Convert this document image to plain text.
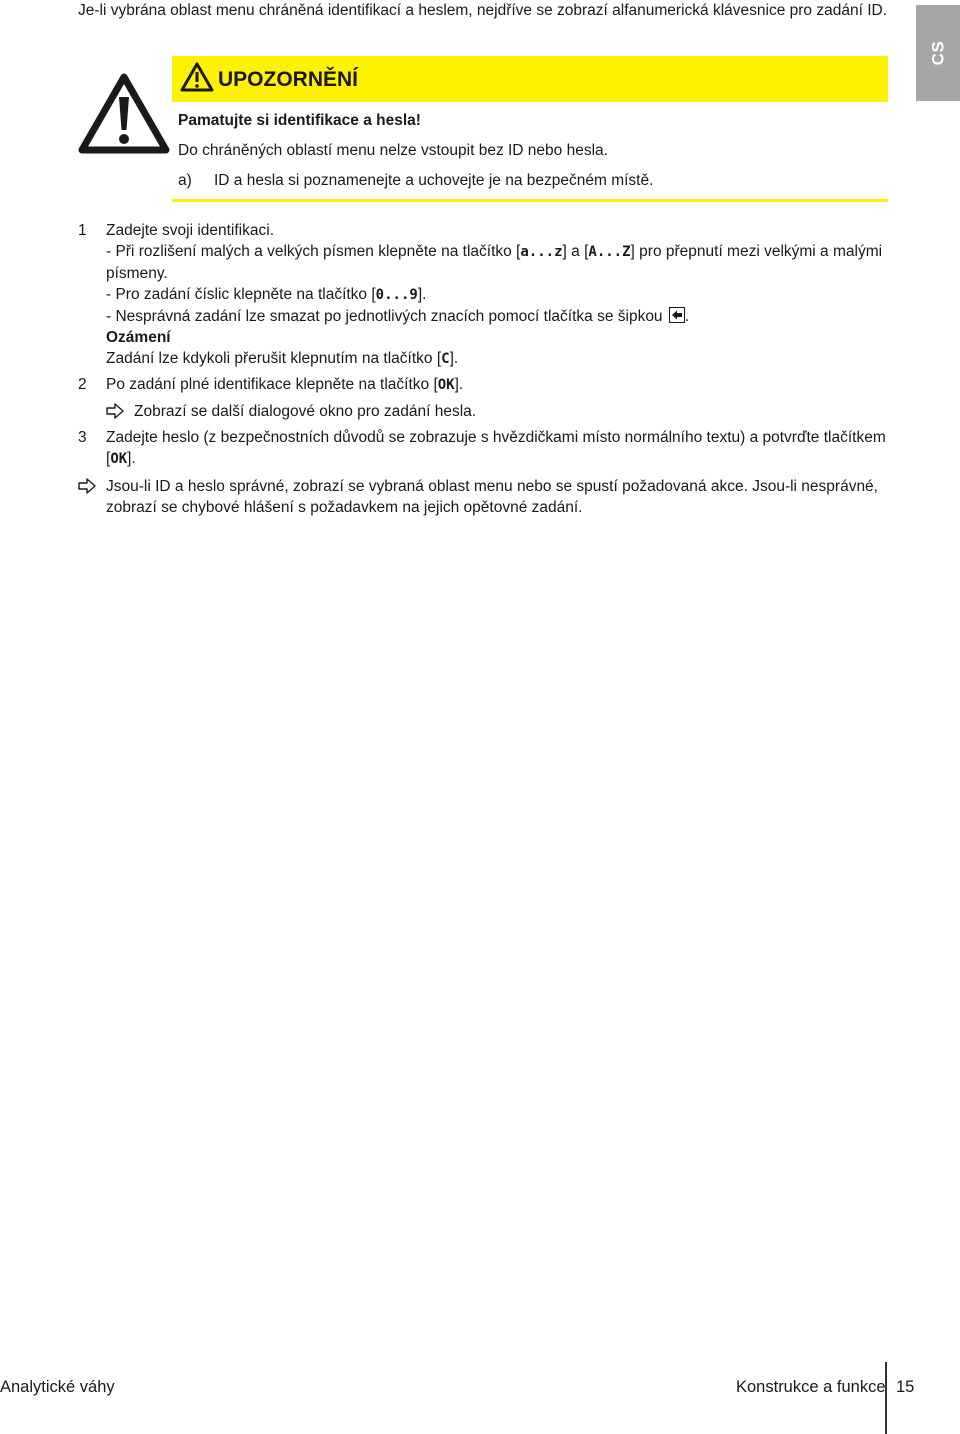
Je-li vybrána oblast menu chráněná identifikací a heslem, nejdříve se zobrazí alfanumerická klávesnice pro zadání ID.
CS
UPOZORNĚNÍ
Pamatujte si identifikace a hesla!
Do chráněných oblastí menu nelze vstoupit bez ID nebo hesla.
a) ID a hesla si poznamenejte a uchovejte je na bezpečném místě.
1	Zadejte svoji identifikaci.

- Při rozlišení malých a velkých písmen klepněte na tlačítko [a...z] a [A...Z] pro přepnutí mezi velkými a malými písmeny.

- Pro zadání číslic klepněte na tlačítko [0...9].

- Nesprávná zadání lze smazat po jednotlivých znacích pomocí tlačítka se šipkou .

Ozámení

Zadání lze kdykoli přerušit klepnutím na tlačítko [C].

2	Po zadání plné identifikace klepněte na tlačítko [OK].

Zobrazí se další dialogové okno pro zadání hesla.
3	Zadejte heslo (z bezpečnostních důvodů se zobrazuje s hvězdičkami místo normálního textu) a potvrďte tlačítkem [OK].

Jsou-li ID a heslo správné, zobrazí se vybraná oblast menu nebo se spustí požadovaná akce. Jsou-li nesprávné, zobrazí se chybové hlášení s požadavkem na jejich opětovné zadání.
Analytické váhy	Konstrukce a funkce 15
